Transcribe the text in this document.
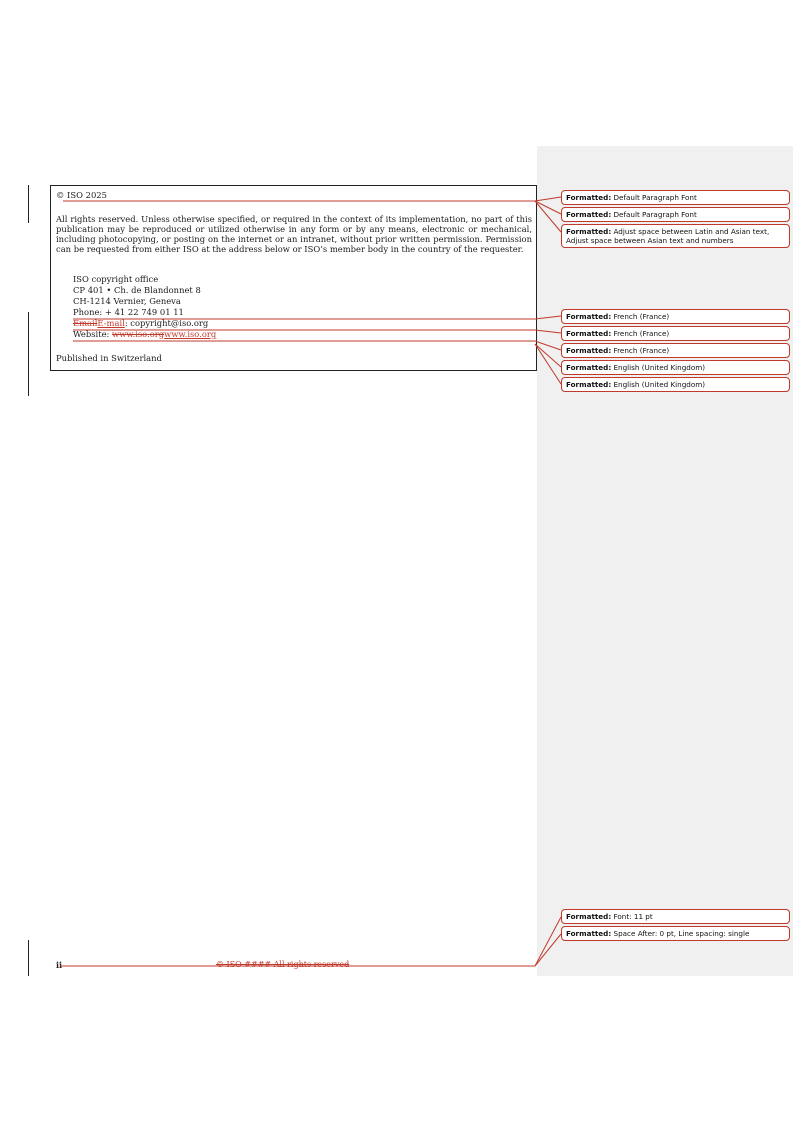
© ISO 2025
All rights reserved. Unless otherwise specified, or required in the context of its implementation, no part of this publication may be reproduced or utilized otherwise in any form or by any means, electronic or mechanical, including photocopying, or posting on the internet or an intranet, without prior written permission. Permission can be requested from either ISO at the address below or ISO’s member body in the country of the requester.
ISO copyright office
CP 401 • Ch. de Blandonnet 8
CH-1214 Vernier, Geneva
Phone: + 41 22 749 01 11
EmailE-mail: copyright@iso.org
Website: www.iso.orgwww.iso.org
Published in Switzerland
ii	© ISO #### All rights reserved
Formatted: Default Paragraph Font
Formatted: Default Paragraph Font
Formatted: Adjust space between Latin and Asian text, Adjust space between Asian text and numbers
Formatted: French (France)
Formatted: French (France)
Formatted: French (France)
Formatted: English (United Kingdom)
Formatted: English (United Kingdom)
Formatted: Font: 11 pt
Formatted: Space After: 0 pt, Line spacing: single
